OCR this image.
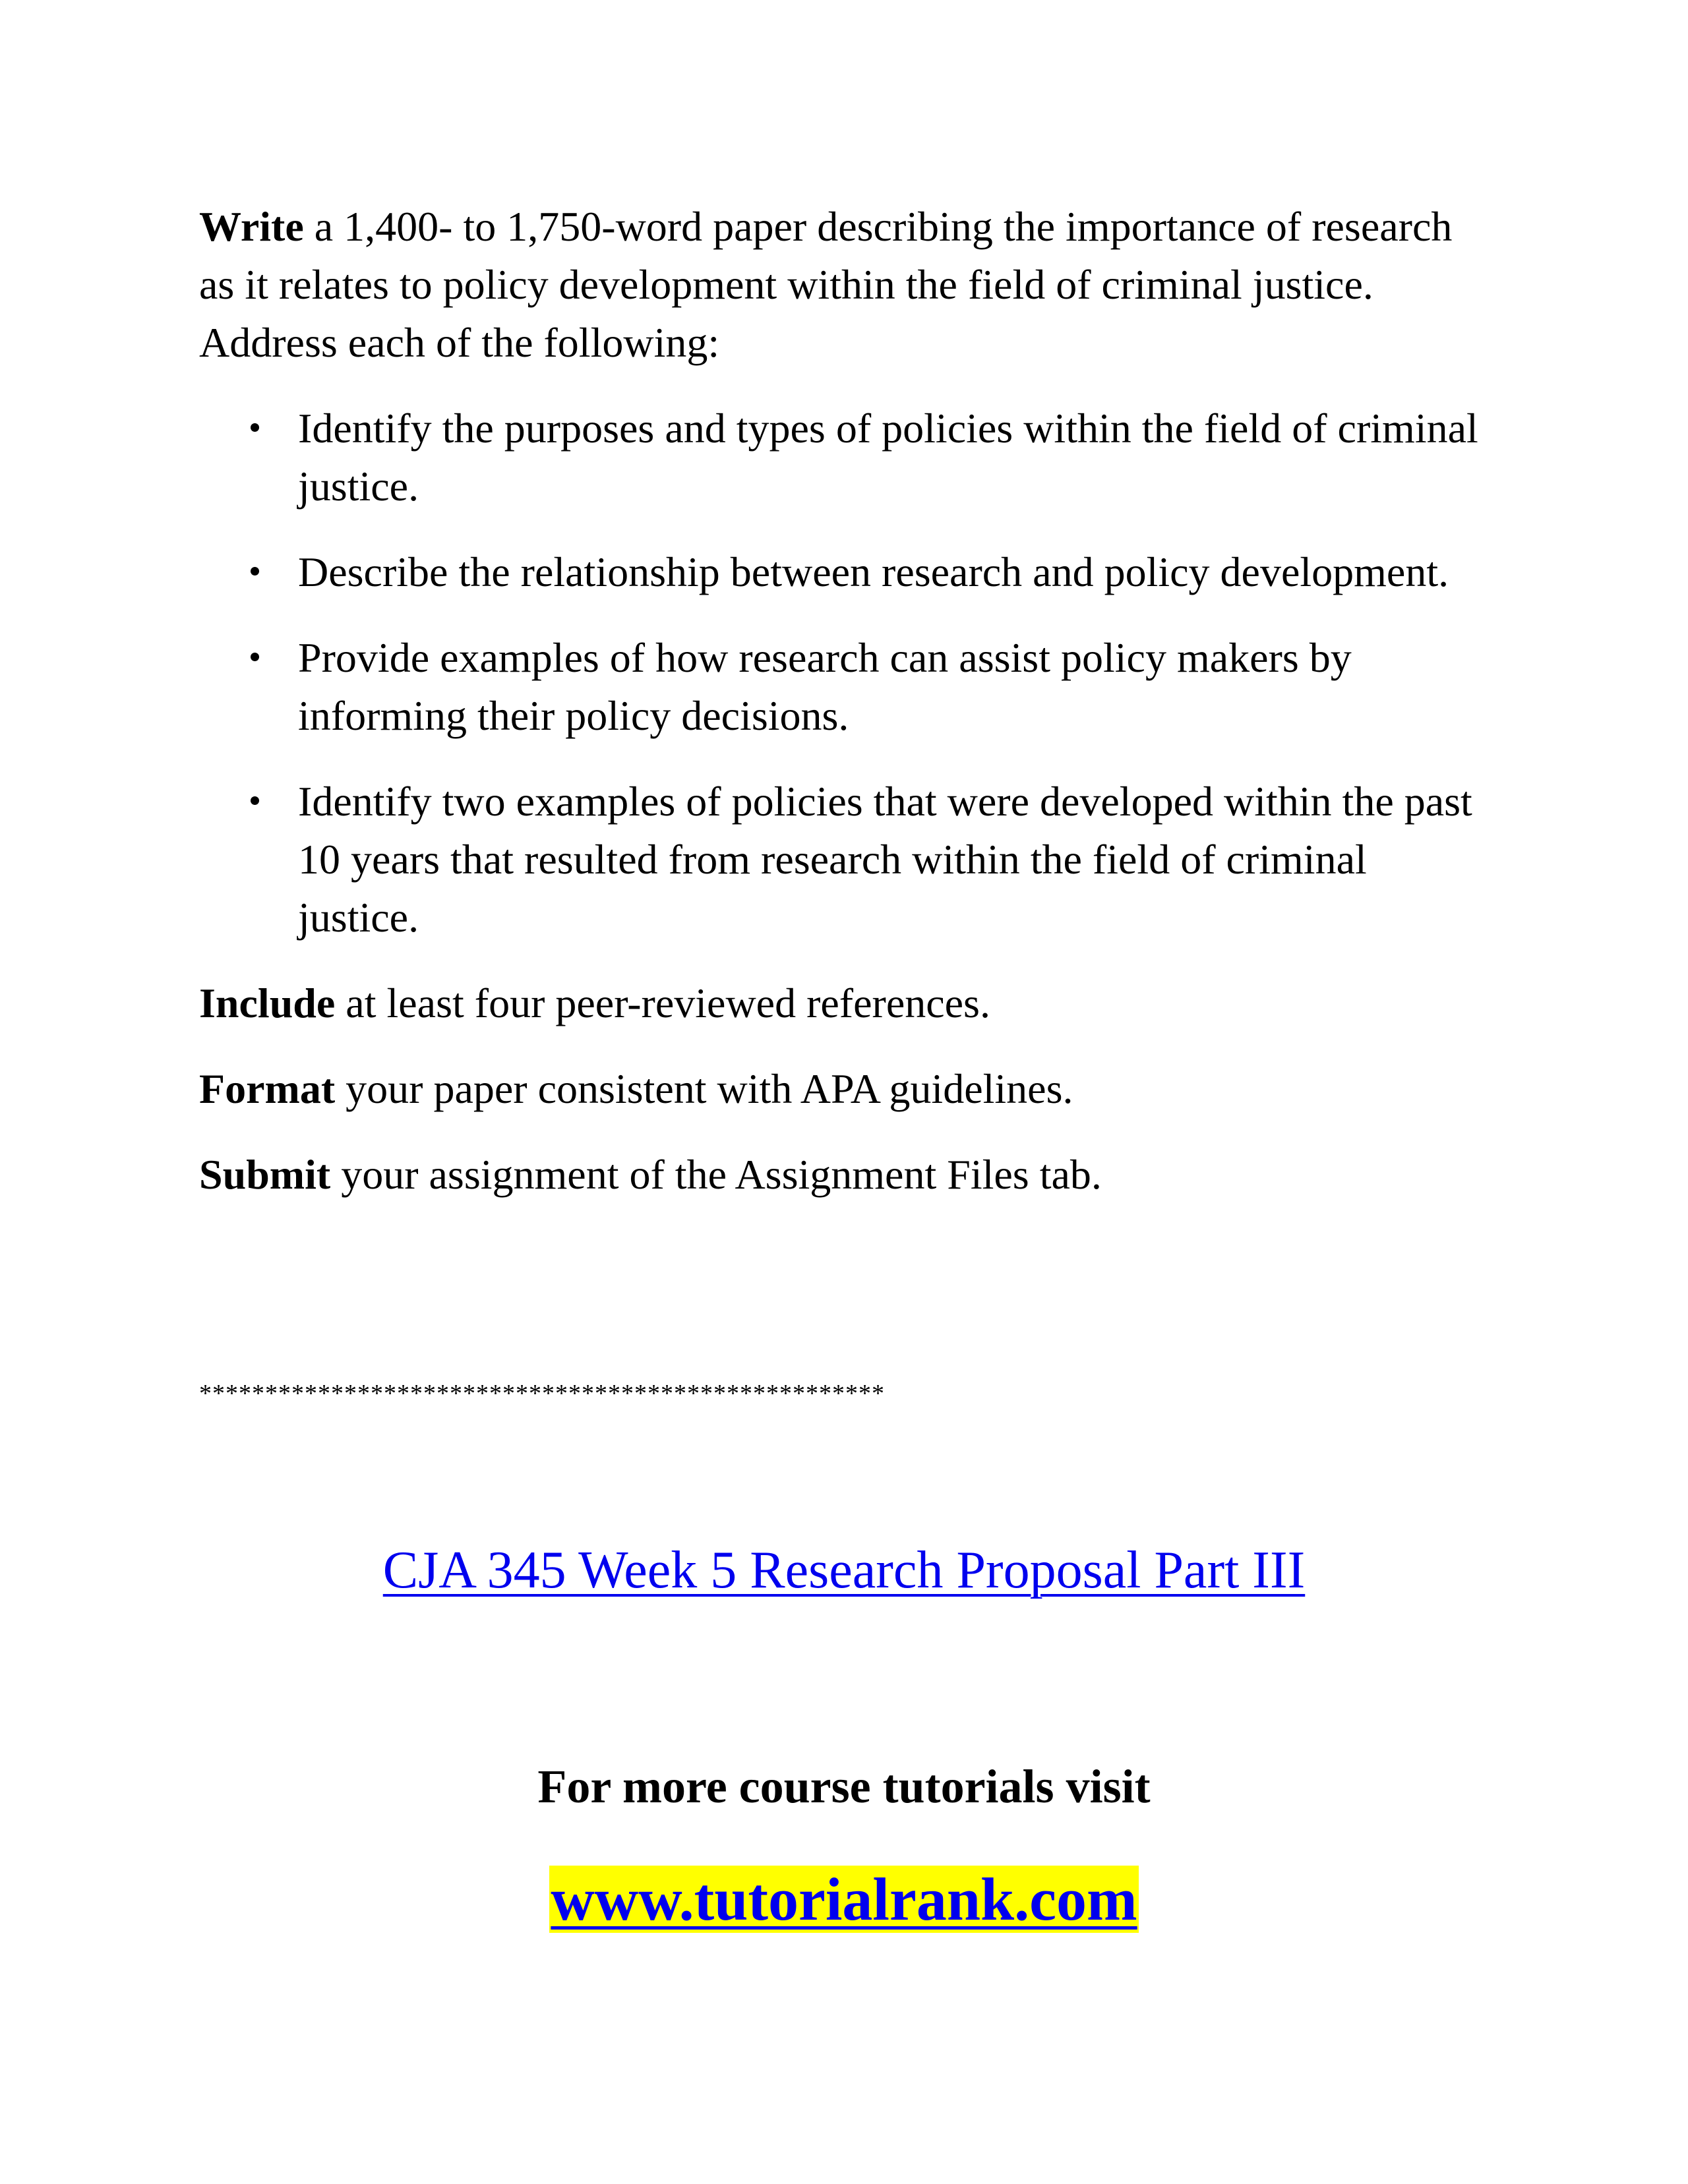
Write a 1,400- to 1,750-word paper describing the importance of research as it relates to policy development within the field of criminal justice. Address each of the following:

Identify the purposes and types of policies within the field of criminal justice.
Describe the relationship between research and policy development.
Provide examples of how research can assist policy makers by informing their policy decisions.
Identify two examples of policies that were developed within the past 10 years that resulted from research within the field of criminal justice.

Include at least four peer-reviewed references.

Format your paper consistent with APA guidelines.

Submit your assignment of the Assignment Files tab.

****************************************************
CJA 345 Week 5 Research Proposal Part III
For more course tutorials visit
www.tutorialrank.com
